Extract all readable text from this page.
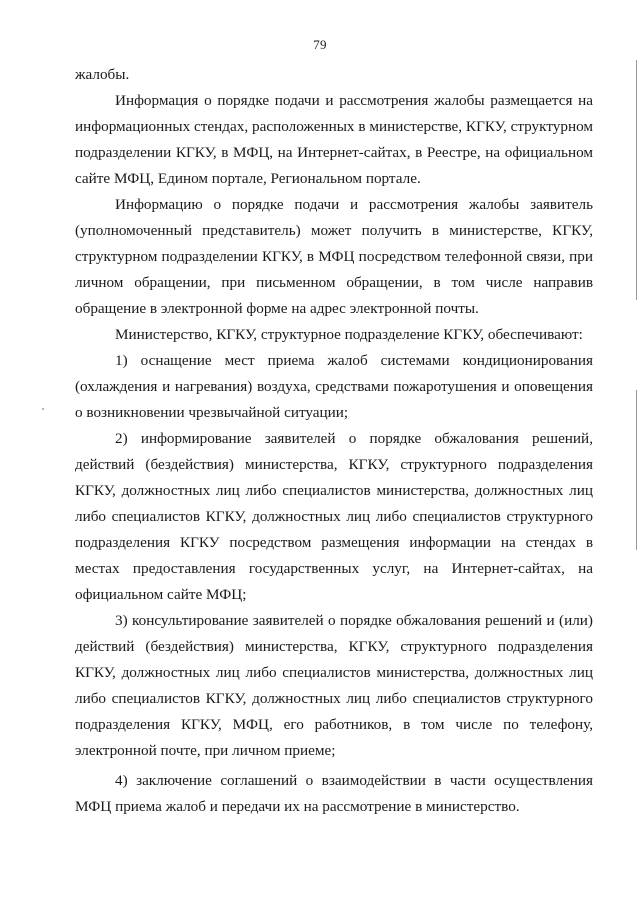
79

жалобы.

Информация о порядке подачи и рассмотрения жалобы размещается на информационных стендах, расположенных в министерстве, КГКУ, структурном подразделении КГКУ, в МФЦ, на Интернет-сайтах, в Реестре, на официальном сайте МФЦ, Едином портале, Региональном портале.

Информацию о порядке подачи и рассмотрения жалобы заявитель (уполномоченный представитель) может получить в министерстве, КГКУ, структурном подразделении КГКУ, в МФЦ посредством телефонной связи, при личном обращении, при письменном обращении, в том числе направив обращение в электронной форме на адрес электронной почты.

Министерство, КГКУ, структурное подразделение КГКУ, обеспечивают:

1) оснащение мест приема жалоб системами кондиционирования (охлаждения и нагревания) воздуха, средствами пожаротушения и оповещения о возникновении чрезвычайной ситуации;

2) информирование заявителей о порядке обжалования решений, действий (бездействия) министерства, КГКУ, структурного подразделения КГКУ, должностных лиц либо специалистов министерства, должностных лиц либо специалистов КГКУ, должностных лиц либо специалистов структурного подразделения КГКУ посредством размещения информации на стендах в местах предоставления государственных услуг, на Интернет-сайтах, на официальном сайте МФЦ;

3) консультирование заявителей о порядке обжалования решений и (или) действий (бездействия) министерства, КГКУ, структурного подразделения КГКУ, должностных лиц либо специалистов министерства, должностных лиц либо специалистов КГКУ, должностных лиц либо специалистов структурного подразделения КГКУ, МФЦ, его работников, в том числе по телефону, электронной почте, при личном приеме;

4) заключение соглашений о взаимодействии в части осуществления МФЦ приема жалоб и передачи их на рассмотрение в министерство.
